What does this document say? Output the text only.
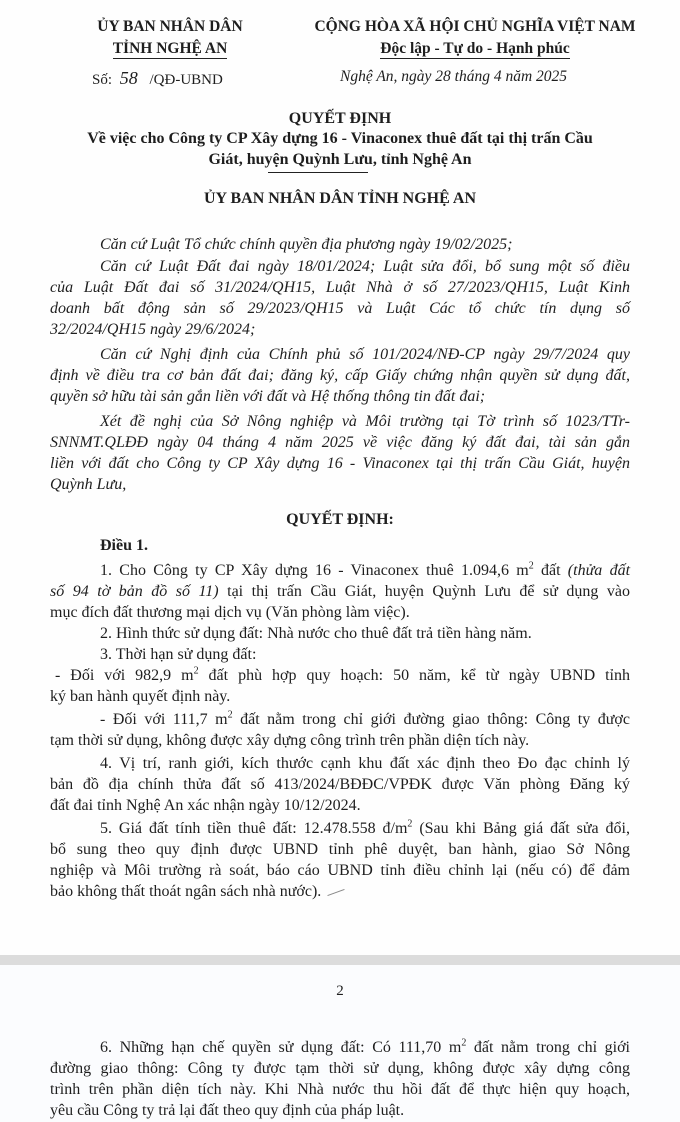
ỦY BAN NHÂN DÂN
TỈNH NGHỆ AN
Số: 58 /QĐ-UBND
CỘNG HÒA XÃ HỘI CHỦ NGHĨA VIỆT NAM
Độc lập - Tự do - Hạnh phúc
Nghệ An, ngày 28 tháng 4 năm 2025
QUYẾT ĐỊNH
Về việc cho Công ty CP Xây dựng 16 - Vinaconex thuê đất tại thị trấn Cầu
Giát, huyện Quỳnh Lưu, tỉnh Nghệ An
ỦY BAN NHÂN DÂN TỈNH NGHỆ AN
Căn cứ Luật Tổ chức chính quyền địa phương ngày 19/02/2025;
Căn cứ Luật Đất đai ngày 18/01/2024; Luật sửa đổi, bổ sung một số điều
của Luật Đất đai số 31/2024/QH15, Luật Nhà ở số 27/2023/QH15, Luật Kinh
doanh bất động sản số 29/2023/QH15 và Luật Các tổ chức tín dụng số
32/2024/QH15 ngày 29/6/2024;
Căn cứ Nghị định của Chính phủ số 101/2024/NĐ-CP ngày 29/7/2024 quy
định về điều tra cơ bản đất đai; đăng ký, cấp Giấy chứng nhận quyền sử dụng đất,
quyền sở hữu tài sản gắn liền với đất và Hệ thống thông tin đất đai;
Xét đề nghị của Sở Nông nghiệp và Môi trường tại Tờ trình số 1023/TTr-
SNNMT.QLĐĐ ngày 04 tháng 4 năm 2025 về việc đăng ký đất đai, tài sản gắn
liền với đất cho Công ty CP Xây dựng 16 - Vinaconex tại thị trấn Cầu Giát, huyện
Quỳnh Lưu,
QUYẾT ĐỊNH:
Điều 1.
1. Cho Công ty CP Xây dựng 16 - Vinaconex thuê 1.094,6 $m^2$ đất (thửa đất
số 94 tờ bản đồ số 11) tại thị trấn Cầu Giát, huyện Quỳnh Lưu để sử dụng vào
mục đích đất thương mại dịch vụ (Văn phòng làm việc).
2. Hình thức sử dụng đất: Nhà nước cho thuê đất trả tiền hàng năm.
3. Thời hạn sử dụng đất:
- Đối với 982,9 $m^2$ đất phù hợp quy hoạch: 50 năm, kể từ ngày UBND tỉnh
ký ban hành quyết định này.
- Đối với 111,7 $m^2$ đất nằm trong chỉ giới đường giao thông: Công ty được
tạm thời sử dụng, không được xây dựng công trình trên phần diện tích này.
4. Vị trí, ranh giới, kích thước cạnh khu đất xác định theo Đo đạc chỉnh lý
bản đồ địa chính thửa đất số 413/2024/BĐĐC/VPĐK được Văn phòng Đăng ký
đất đai tỉnh Nghệ An xác nhận ngày 10/12/2024.
5. Giá đất tính tiền thuê đất: 12.478.558 $đ/m^2$ (Sau khi Bảng giá đất sửa đổi,
bổ sung theo quy định được UBND tỉnh phê duyệt, ban hành, giao Sở Nông
nghiệp và Môi trường rà soát, báo cáo UBND tỉnh điều chỉnh lại (nếu có) để đảm
bảo không thất thoát ngân sách nhà nước).
2
6. Những hạn chế quyền sử dụng đất: Có 111,70 $m^2$ đất nằm trong chỉ giới
đường giao thông: Công ty được tạm thời sử dụng, không được xây dựng công
trình trên phần diện tích này. Khi Nhà nước thu hồi đất để thực hiện quy hoạch,
yêu cầu Công ty trả lại đất theo quy định của pháp luật.
